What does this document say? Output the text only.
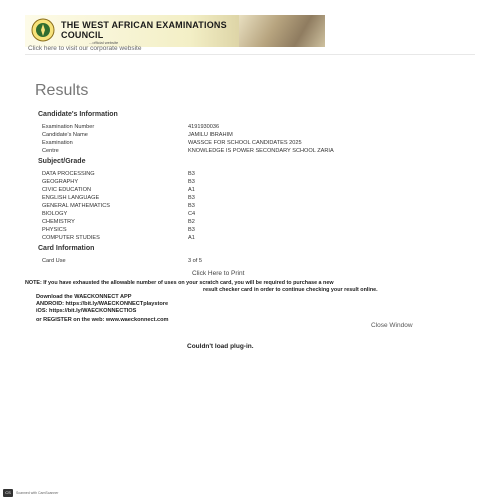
THE WEST AFRICAN EXAMINATIONS COUNCIL
...official website
Click here to visit our corporate website
Results
Candidate's Information
Examination Number	4191930036
Candidate's Name	JAMILU IBRAHIM
Examination	WASSCE FOR SCHOOL CANDIDATES 2025
Centre	KNOWLEDGE IS POWER SECONDARY SCHOOL ZARIA
Subject/Grade
DATA PROCESSING	B3
GEOGRAPHY	B3
CIVIC EDUCATION	A1
ENGLISH LANGUAGE	B3
GENERAL MATHEMATICS	B3
BIOLOGY	C4
CHEMISTRY	B2
PHYSICS	B3
COMPUTER STUDIES	A1
Card Information
Card Use	3 of 5
Click Here to Print
NOTE: If you have exhausted the allowable number of uses on your scratch card, you will be required to purchase a new
result checker card in order to continue checking your result online.
Download the WAECKONNECT APP
ANDROID: https://bit.ly/WAECKONNECTplaystore
iOS: https://bit.ly/WAECKONNECTIOS
or REGISTER on the web: www.waeckonnect.com
Close Window
Couldn't load plug-in.
CS	Scanned with CamScanner
